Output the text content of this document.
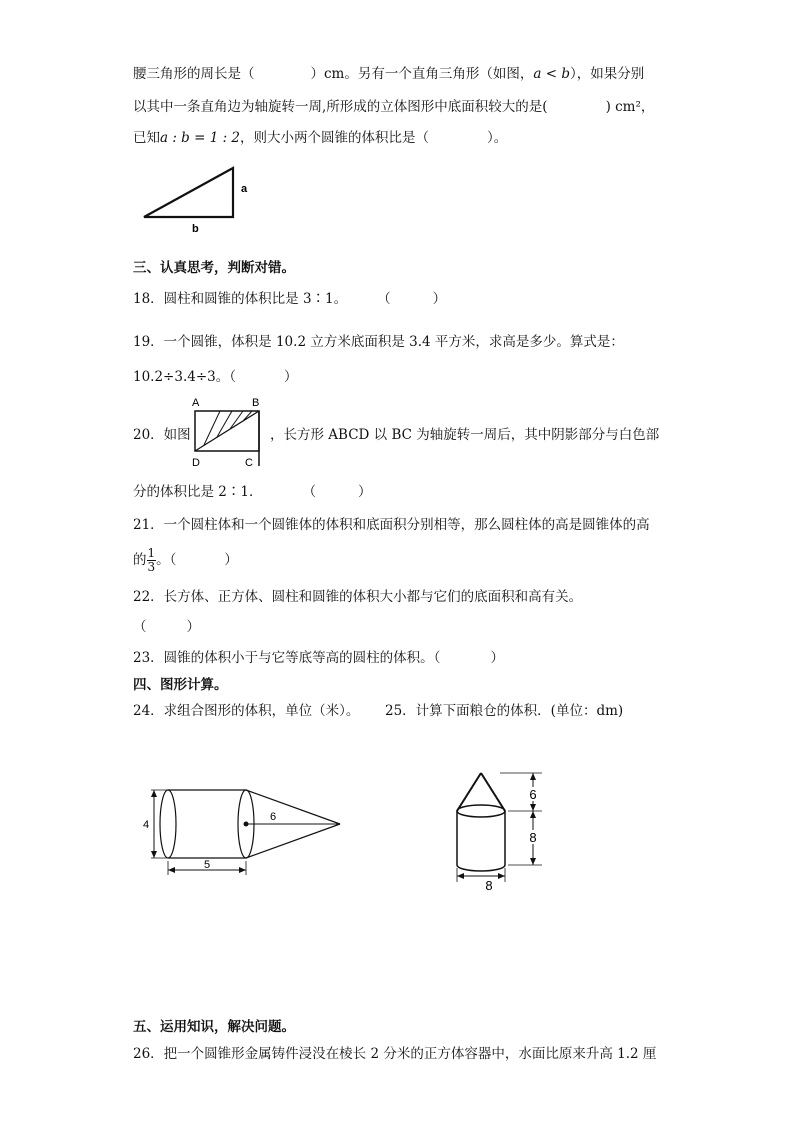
腰三角形的周长是（	）cm。另有一个直角三角形（如图，a < b），如果分别
以其中一条直角边为轴旋转一周,所形成的立体图形中底面积较大的是(	) cm²，
已知a : b = 1 : 2，则大小两个圆锥的体积比是（	）。
a
b
三、认真思考，判断对错。
18．圆柱和圆锥的体积比是 3∶1。 （	）
19．一个圆锥，体积是 10.2 立方米底面积是 3.4 平方米，求高是多少。算式是：
10.2÷3.4÷3。（	）
A	B
D	C
20．如图	，长方形 ABCD 以 BC 为轴旋转一周后，其中阴影部分与白色部
分的体积比是 2∶1．	（	）
21．一个圆柱体和一个圆锥体的体积和底面积分别相等，那么圆柱体的高是圆锥体的高
的 $\frac{1}{3}$ 。（	）
22．长方体、正方体、圆柱和圆锥的体积大小都与它们的底面积和高有关。
（	）
23．圆锥的体积小于与它等底等高的圆柱的体积。（	）
四、图形计算。
24．求组合图形的体积，单位（米）。 25．计算下面粮仓的体积．(单位：dm)
4
6
5
6
8
8
五、运用知识，解决问题。
26．把一个圆锥形金属铸件浸没在棱长 2 分米的正方体容器中，水面比原来升高 1.2 厘
